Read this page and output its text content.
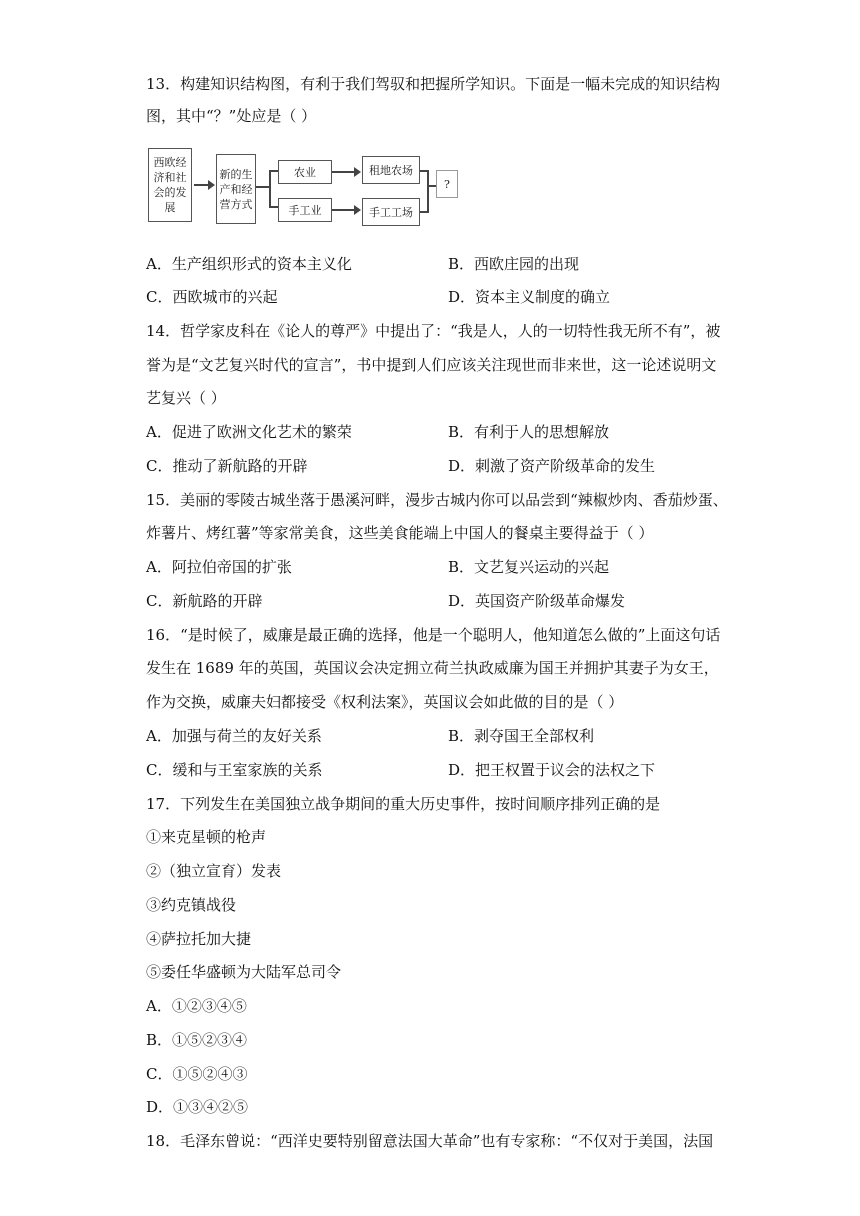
13．构建知识结构图，有利于我们驾驭和把握所学知识。下面是一幅未完成的知识结构
图，其中“？”处应是（ ）
西欧经济和社会的发展
新的生产和经营方式
农业
手工业
租地农场
手工工场
?
A．生产组织形式的资本主义化	B．西欧庄园的出现
C．西欧城市的兴起	D．资本主义制度的确立
14．哲学家皮科在《论人的尊严》中提出了：“我是人，人的一切特性我无所不有”，被
誉为是“文艺复兴时代的宣言”，书中提到人们应该关注现世而非来世，这一论述说明文
艺复兴（ ）
A．促进了欧洲文化艺术的繁荣	B．有利于人的思想解放
C．推动了新航路的开辟	D．刺激了资产阶级革命的发生
15．美丽的零陵古城坐落于愚溪河畔，漫步古城内你可以品尝到“辣椒炒肉、香茄炒蛋、
炸薯片、烤红薯”等家常美食，这些美食能端上中国人的餐桌主要得益于（ ）
A．阿拉伯帝国的扩张	B．文艺复兴运动的兴起
C．新航路的开辟	D．英国资产阶级革命爆发
16．“是时候了，威廉是最正确的选择，他是一个聪明人，他知道怎么做的”上面这句话
发生在 1689 年的英国，英国议会决定拥立荷兰执政威廉为国王并拥护其妻子为女王，
作为交换，威廉夫妇都接受《权利法案》，英国议会如此做的目的是（ ）
A．加强与荷兰的友好关系	B．剥夺国王全部权利
C．缓和与王室家族的关系	D．把王权置于议会的法权之下
17．下列发生在美国独立战争期间的重大历史事件，按时间顺序排列正确的是
①来克星顿的枪声
②（独立宣育）发表
③约克镇战役
④萨拉托加大捷
⑤委任华盛顿为大陆军总司令
A．①②③④⑤
B．①⑤②③④
C．①⑤②④③
D．①③④②⑤
18．毛泽东曾说：“西洋史要特别留意法国大革命”也有专家称：“不仅对于美国，法国
